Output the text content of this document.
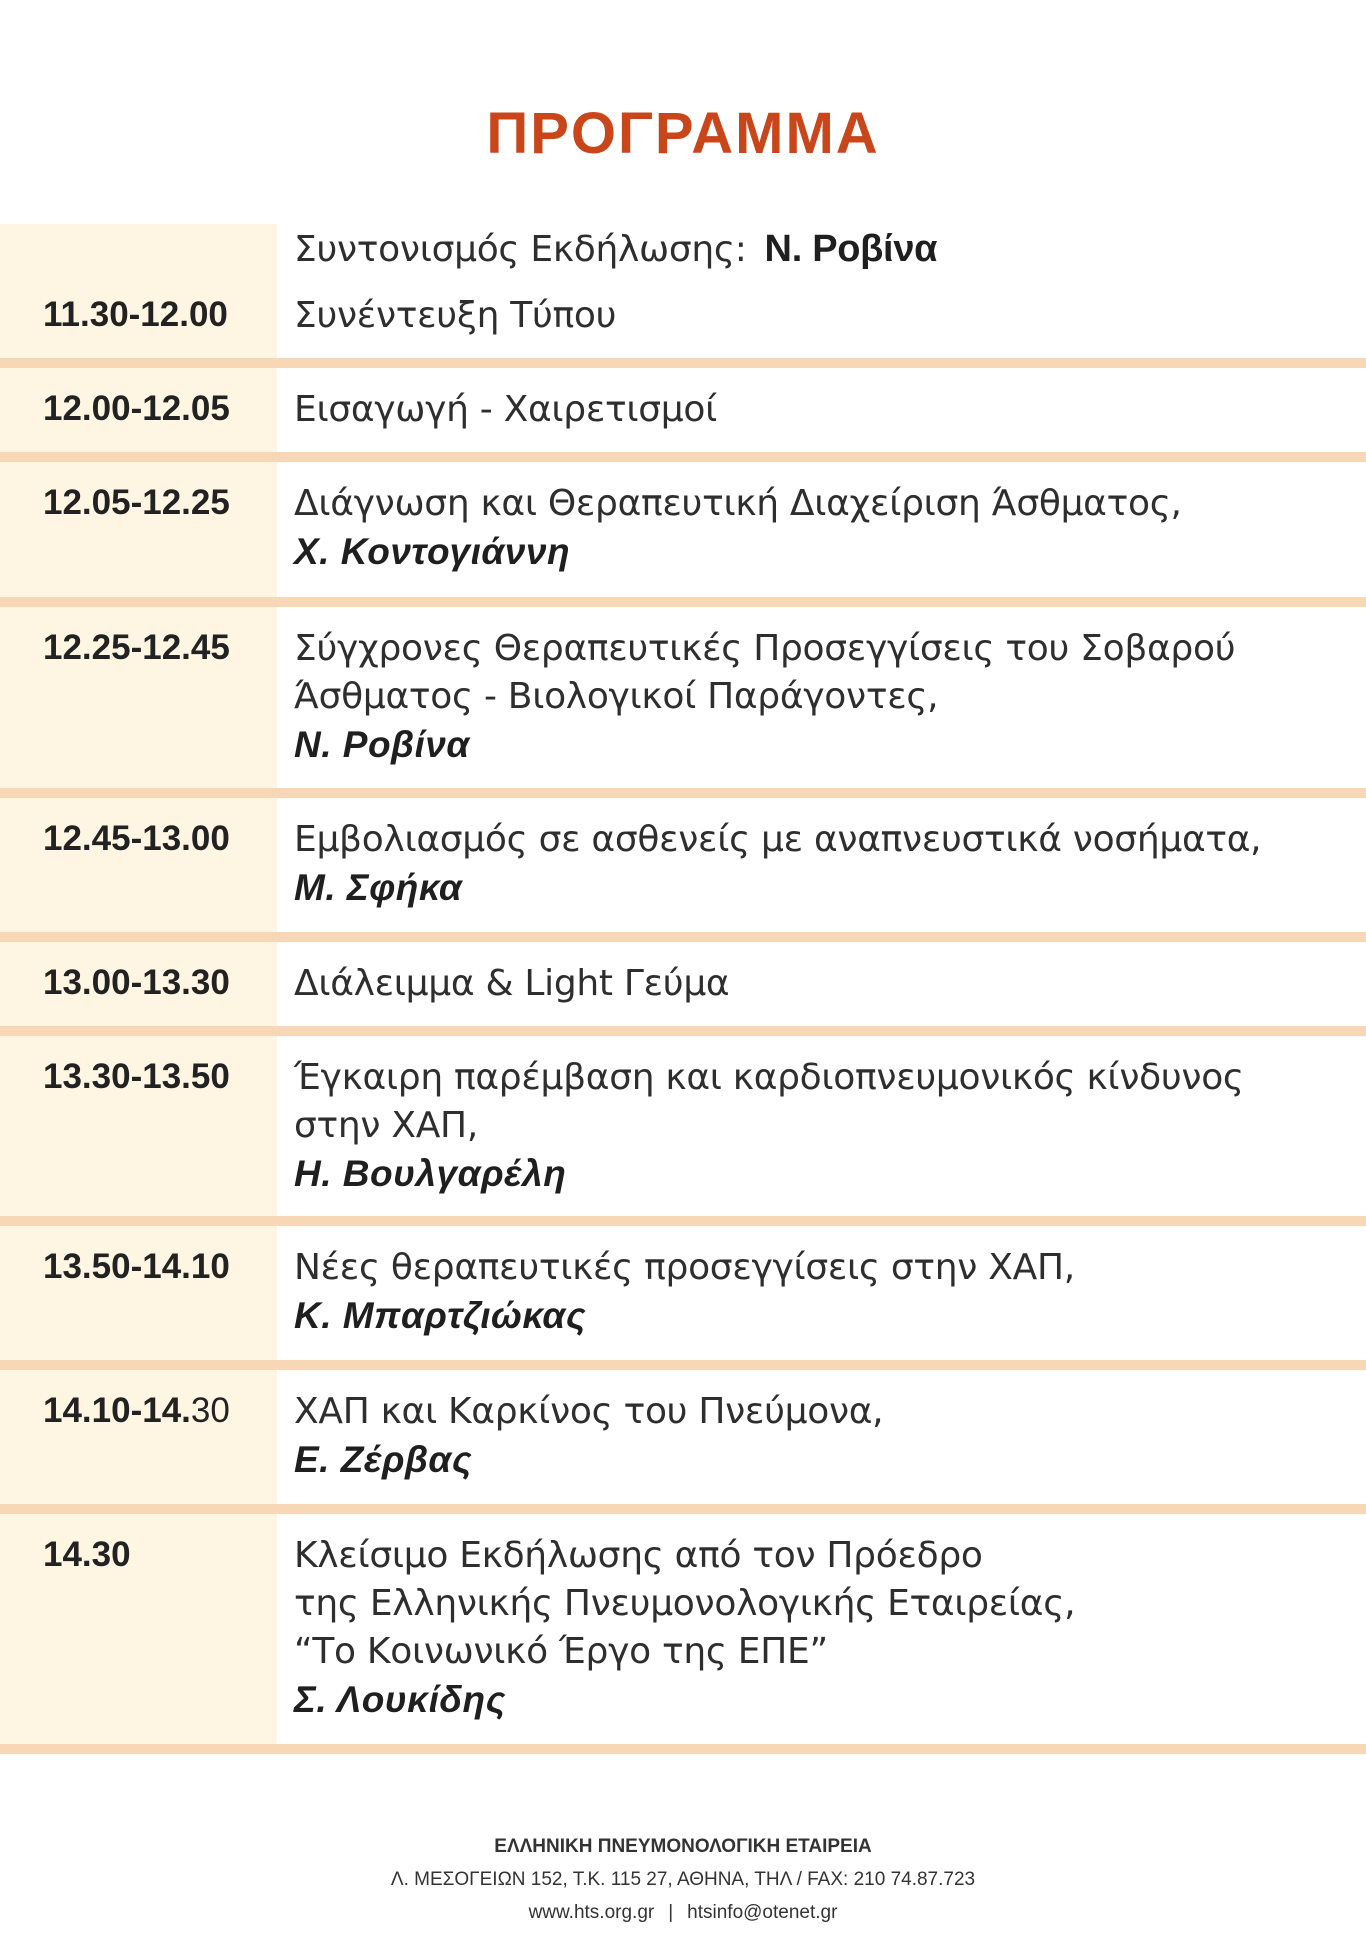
ΠΡΟΓΡΑΜΜΑ
Συντονισμός Εκδήλωσης: Ν. Ροβίνα
11.30-12.00	Συνέντευξη Τύπου
12.00-12.05	Εισαγωγή - Χαιρετισμοί
12.05-12.25	Διάγνωση και Θεραπευτική Διαχείριση Άσθματος,
Χ. Κοντογιάννη
12.25-12.45	Σύγχρονες Θεραπευτικές Προσεγγίσεις του Σοβαρού
Άσθματος - Βιολογικοί Παράγοντες,
Ν. Ροβίνα
12.45-13.00	Εμβολιασμός σε ασθενείς με αναπνευστικά νοσήματα,
Μ. Σφήκα
13.00-13.30	Διάλειμμα & Light Γεύμα
13.30-13.50	Έγκαιρη παρέμβαση και καρδιοπνευμονικός κίνδυνος
στην ΧΑΠ,
Η. Βουλγαρέλη
13.50-14.10	Νέες θεραπευτικές προσεγγίσεις στην ΧΑΠ,
Κ. Μπαρτζιώκας
14.10-14.30	ΧΑΠ και Καρκίνος του Πνεύμονα,
Ε. Ζέρβας
14.30	Κλείσιμο Εκδήλωσης από τον Πρόεδρο
της Ελληνικής Πνευμονολογικής Εταιρείας,
“Το Κοινωνικό Έργο της ΕΠΕ”
Σ. Λουκίδης
ΕΛΛΗΝΙΚΗ ΠΝΕΥΜΟΝΟΛΟΓΙΚΗ ΕΤΑΙΡΕΙΑ
Λ. ΜΕΣΟΓΕΙΩΝ 152, Τ.Κ. 115 27, ΑΘΗΝΑ, ΤΗΛ / FAX: 210 74.87.723
www.hts.org.gr | htsinfo@otenet.gr
